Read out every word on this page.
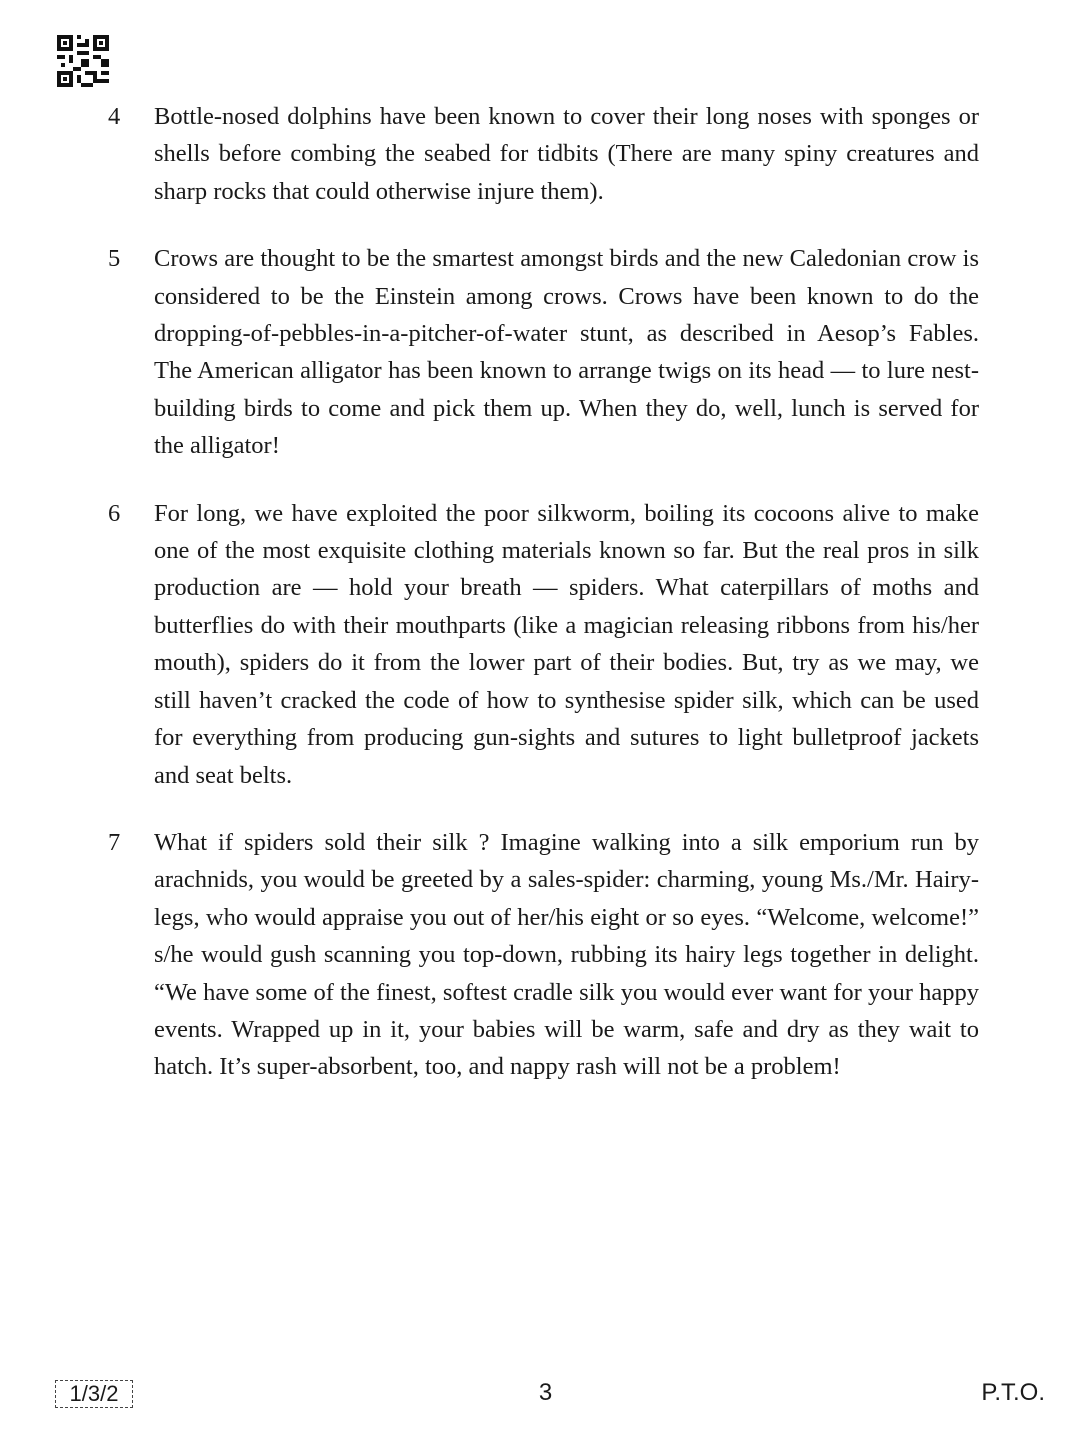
4	Bottle-nosed dolphins have been known to cover their long noses with sponges or shells before combing the seabed for tidbits (There are many spiny creatures and sharp rocks that could otherwise injure them).
5	Crows are thought to be the smartest amongst birds and the new Caledonian crow is considered to be the Einstein among crows. Crows have been known to do the dropping-of-pebbles-in-a-pitcher-of-water stunt, as described in Aesop’s Fables. The American alligator has been known to arrange twigs on its head — to lure nest-building birds to come and pick them up. When they do, well, lunch is served for the alligator!
6	For long, we have exploited the poor silkworm, boiling its cocoons alive to make one of the most exquisite clothing materials known so far. But the real pros in silk production are — hold your breath — spiders. What caterpillars of moths and butterflies do with their mouthparts (like a magician releasing ribbons from his/her mouth), spiders do it from the lower part of their bodies. But, try as we may, we still haven’t cracked the code of how to synthesise spider silk, which can be used for everything from producing gun-sights and sutures to light bulletproof jackets and seat belts.
7	What if spiders sold their silk ? Imagine walking into a silk emporium run by arachnids, you would be greeted by a sales-spider: charming, young Ms./Mr. Hairy-legs, who would appraise you out of her/his eight or so eyes. “Welcome, welcome!” s/he would gush scanning you top-down, rubbing its hairy legs together in delight. “We have some of the finest, softest cradle silk you would ever want for your happy events. Wrapped up in it, your babies will be warm, safe and dry as they wait to hatch. It’s super-absorbent, too, and nappy rash will not be a problem!
1/3/2	3	P.T.O.
